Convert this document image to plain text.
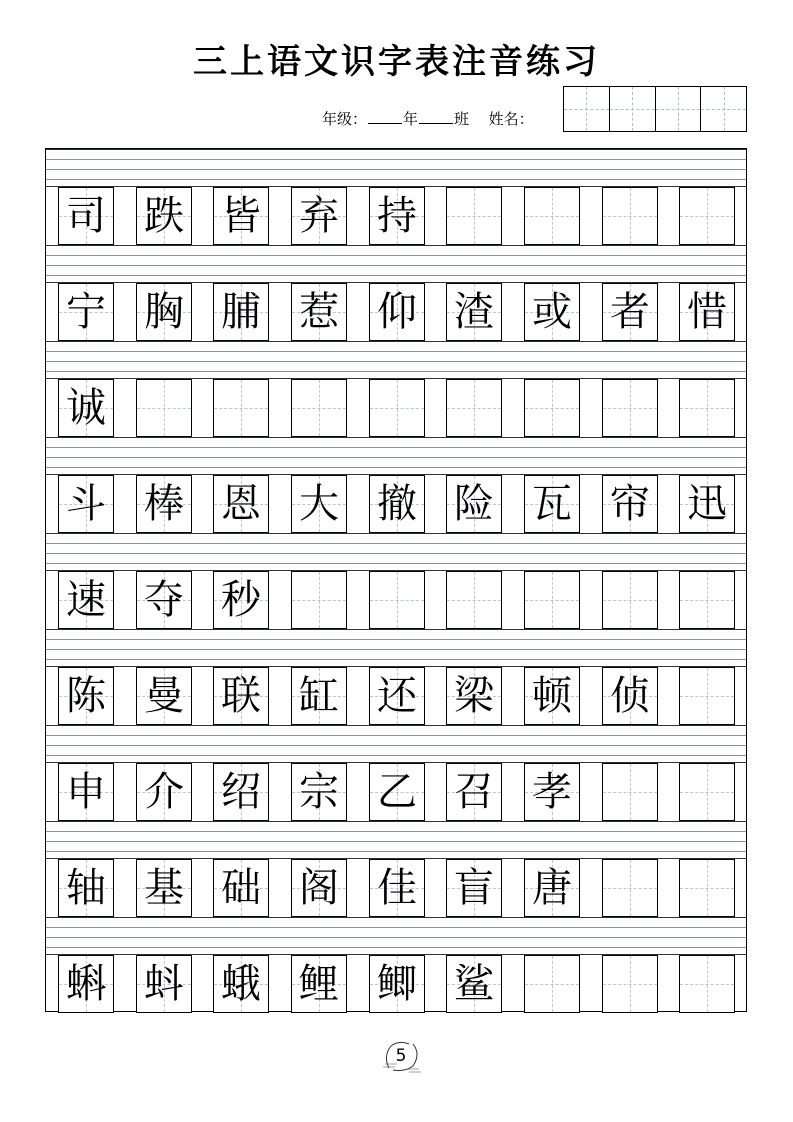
三上语文识字表注音练习
年级： 年 班 姓名：
司 跌 皆 弃 持
宁 胸 脯 惹 仰 渣 或 者 惜
诚
斗 棒 恩 大 撤 险 瓦 帘 迅
速 夺 秒
陈 曼 联 缸 还 梁 顿 侦
申 介 绍 宗 乙 召 孝
轴 基 础 阁 佳 盲 唐
蝌 蚪 蛾 鲤 鲫 鲨
5
